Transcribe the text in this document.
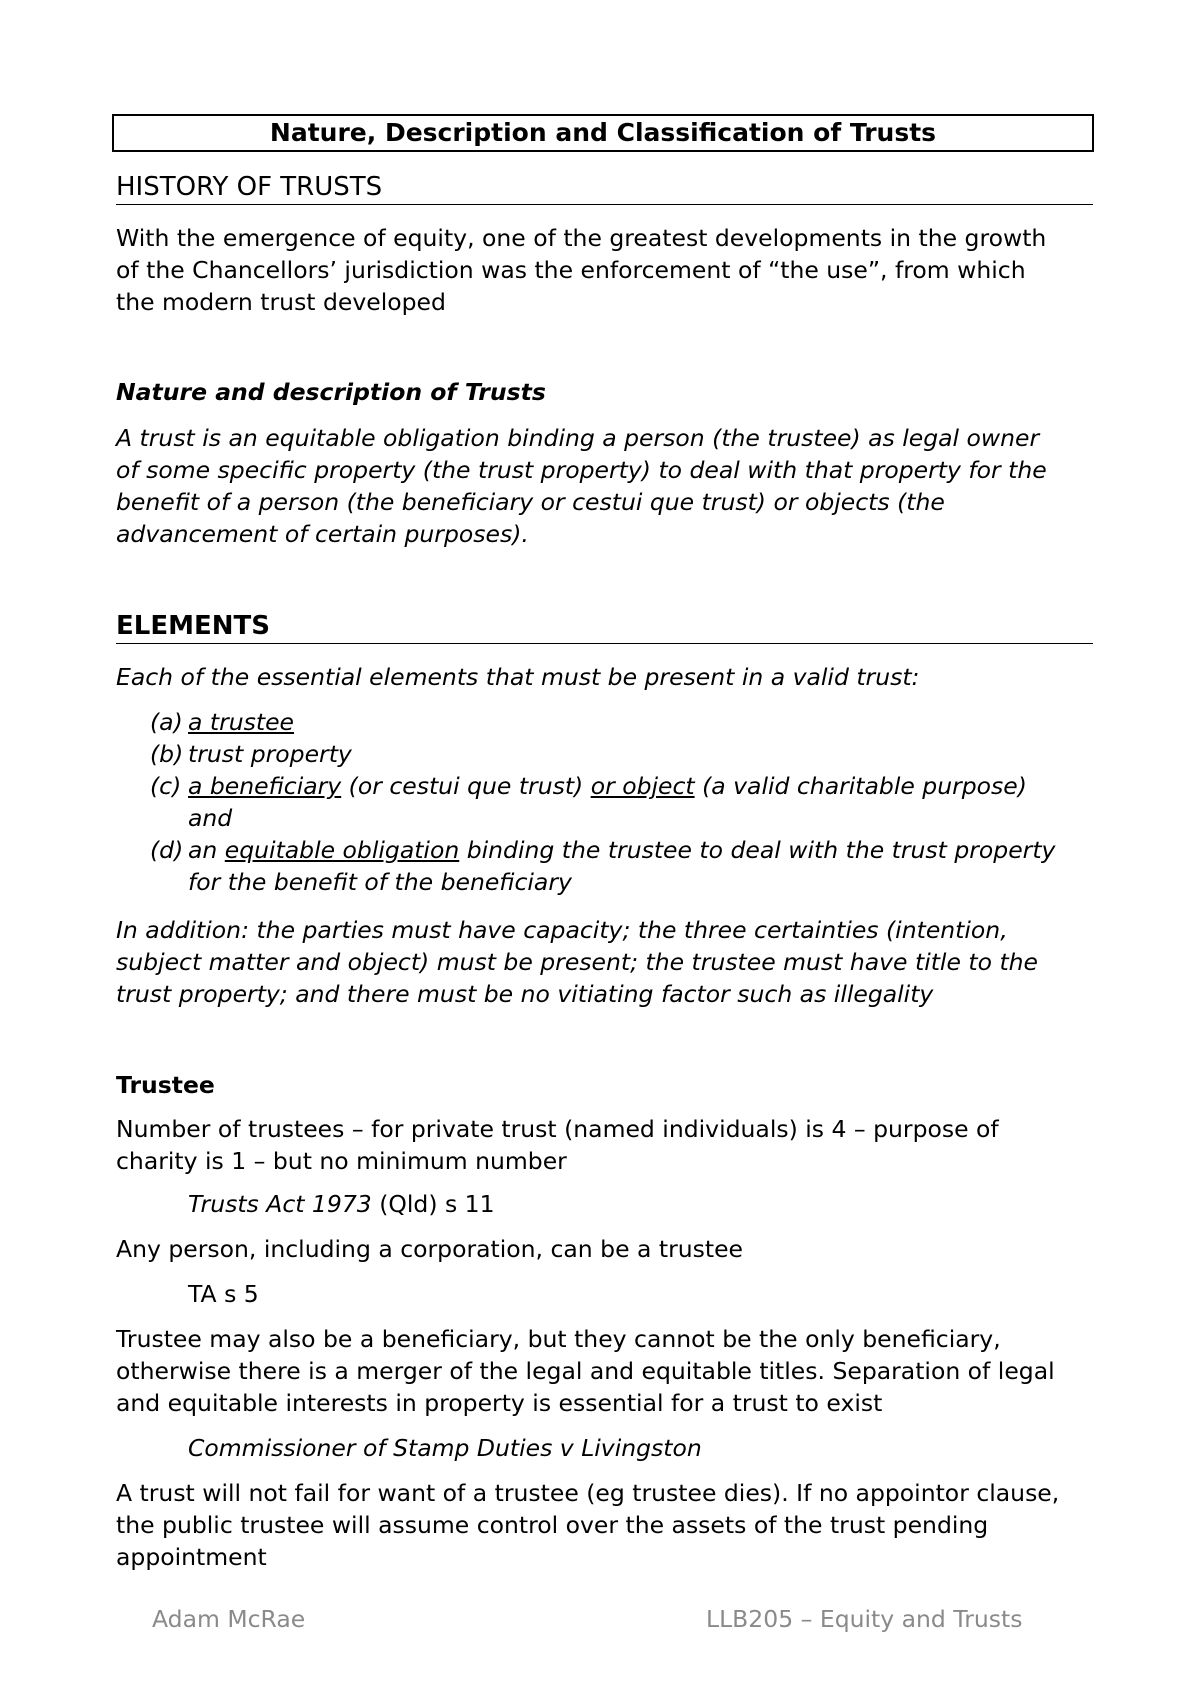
Nature, Description and Classification of Trusts
HISTORY OF TRUSTS
With the emergence of equity, one of the greatest developments in the growth
of the Chancellors’ jurisdiction was the enforcement of “the use”, from which
the modern trust developed
Nature and description of Trusts
A trust is an equitable obligation binding a person (the trustee) as legal owner
of some specific property (the trust property) to deal with that property for the
benefit of a person (the beneficiary or cestui que trust) or objects (the
advancement of certain purposes).
ELEMENTS
Each of the essential elements that must be present in a valid trust:
(a) a trustee
(b) trust property
(c) a beneficiary (or cestui que trust) or object (a valid charitable purpose)
and
(d) an equitable obligation binding the trustee to deal with the trust property
for the benefit of the beneficiary
In addition: the parties must have capacity; the three certainties (intention,
subject matter and object) must be present; the trustee must have title to the
trust property; and there must be no vitiating factor such as illegality
Trustee
Number of trustees – for private trust (named individuals) is 4 – purpose of
charity is 1 – but no minimum number
Trusts Act 1973 (Qld) s 11
Any person, including a corporation, can be a trustee
TA s 5
Trustee may also be a beneficiary, but they cannot be the only beneficiary,
otherwise there is a merger of the legal and equitable titles. Separation of legal
and equitable interests in property is essential for a trust to exist
Commissioner of Stamp Duties v Livingston
A trust will not fail for want of a trustee (eg trustee dies). If no appointor clause,
the public trustee will assume control over the assets of the trust pending
appointment
Adam McRae	LLB205 – Equity and Trusts
